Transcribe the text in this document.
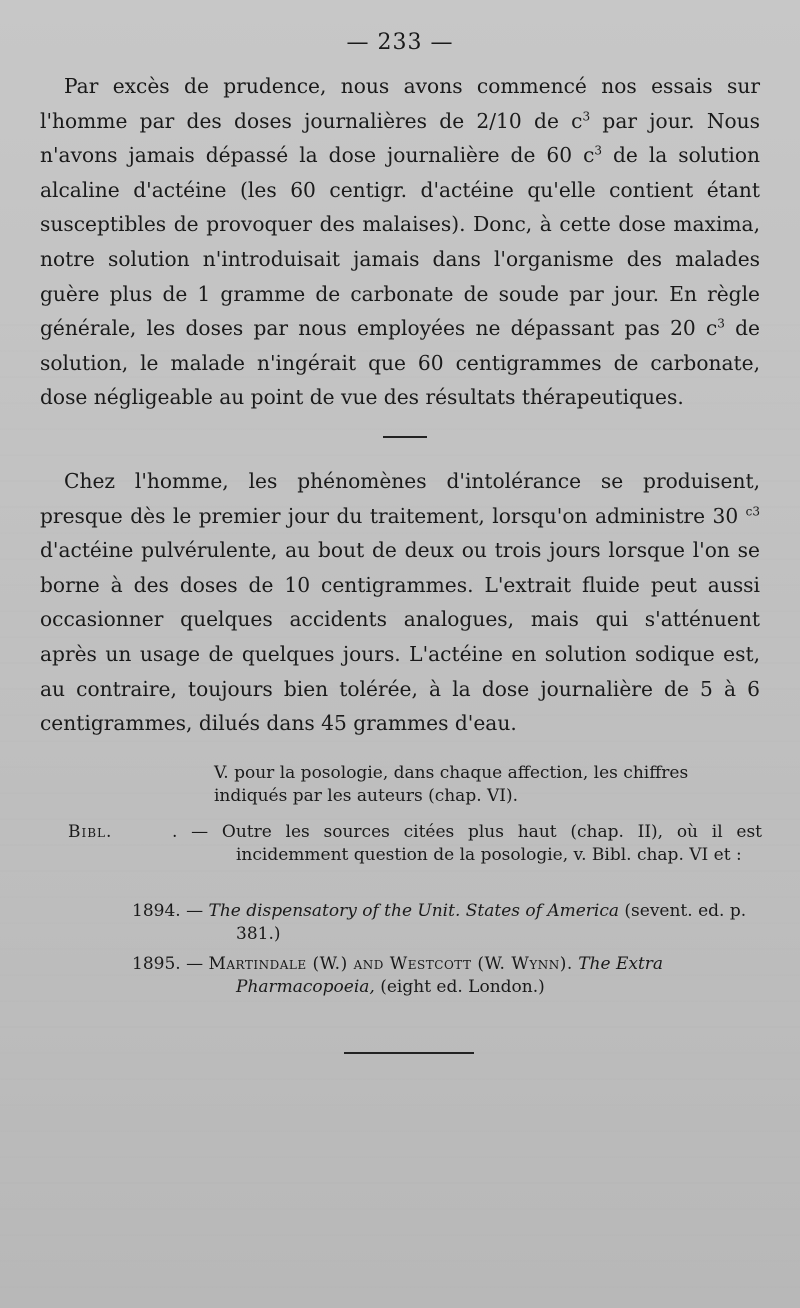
— 233 —
Par excès de prudence, nous avons commencé nos essais sur l'homme par des doses journalières de 2/10 de $c^3$ par jour. Nous n'avons jamais dépassé la dose journalière de 60 $c^3$ de la solution alcaline d'actéine (les 60 centigr. d'actéine qu'elle contient étant susceptibles de provoquer des malaises). Donc, à cette dose maxima, notre solution n'introduisait jamais dans l'organisme des malades guère plus de 1 gramme de carbonate de soude par jour. En règle générale, les doses par nous employées ne dépassant pas 20 $c^3$ de solution, le malade n'ingérait que 60 centigrammes de carbonate, dose négligeable au point de vue des résultats thérapeutiques.
Chez l'homme, les phénomènes d'intolérance se produisent, presque dès le premier jour du traitement, lorsqu'on administre 30 $^{c3}$ d'actéine pulvérulente, au bout de deux ou trois jours lorsque l'on se borne à des doses de 10 centigrammes. L'extrait fluide peut aussi occasionner quelques accidents analogues, mais qui s'atténuent après un usage de quelques jours. L'actéine en solution sodique est, au contraire, toujours bien tolérée, à la dose journalière de 5 à 6 centigrammes, dilués dans 45 grammes d'eau.
V. pour la posologie, dans chaque affection, les chiffres indiqués par les auteurs (chap. VI).
Bibl.	. — Outre les sources citées plus haut (chap. II), où il est incidemment question de la posologie, v. Bibl. chap. VI et :
1894. — The dispensatory of the Unit. States of America (sevent. ed. p. 381.)
1895. — Martindale (W.) and Westcott (W. Wynn). The Extra Pharmacopoeia, (eight ed. London.)
